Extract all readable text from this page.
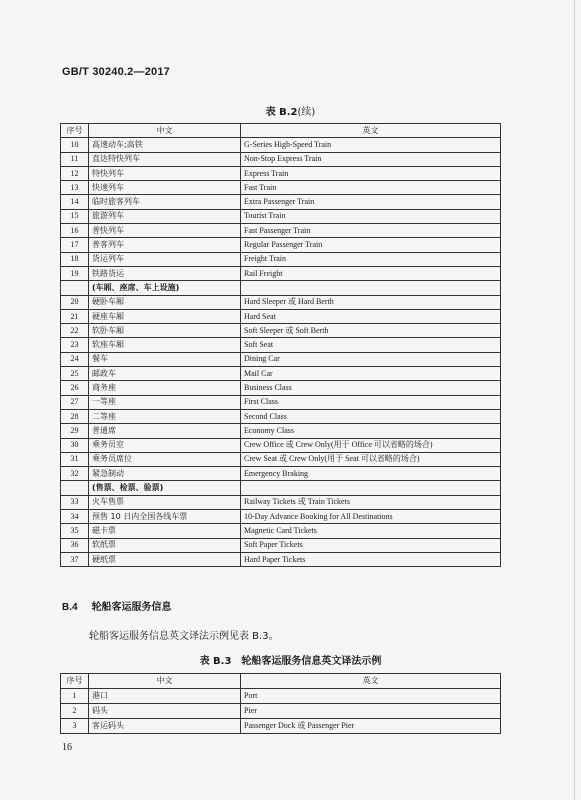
GB/T 30240.2—2017
表 B.2(续)
序号	中文	英文
10	高速动车;高铁	G-Series High-Speed Train
11	直达特快列车	Non-Stop Express Train
12	特快列车	Express Train
13	快速列车	Fast Train
14	临时旅客列车	Extra Passenger Train
15	旅游列车	Tourist Train
16	普快列车	Fast Passenger Train
17	普客列车	Regular Passenger Train
18	货运列车	Freight Train
19	铁路货运	Rail Freight
	(车厢、座席、车上设施)	
20	硬卧车厢	Hard Sleeper 或 Hard Berth
21	硬座车厢	Hard Seat
22	软卧车厢	Soft Sleeper 或 Soft Berth
23	软座车厢	Soft Seat
24	餐车	Dining Car
25	邮政车	Mail Car
26	商务座	Business Class
27	一等座	First Class
28	二等座	Second Class
29	普通席	Economy Class
30	乘务员室	Crew Office 或 Crew Only(用于 Office 可以省略的场合)
31	乘务员席位	Crew Seat 或 Crew Only(用于 Seat 可以省略的场合)
32	紧急制动	Emergency Braking
	(售票、检票、验票)	
33	火车售票	Railway Tickets 或 Train Tickets
34	预售 10 日内全国各线车票	10-Day Advance Booking for All Destinations
35	磁卡票	Magnetic Card Tickets
36	软纸票	Soft Paper Tickets
37	硬纸票	Hard Paper Tickets
B.4 轮船客运服务信息
轮船客运服务信息英文译法示例见表 B.3。
表 B.3　轮船客运服务信息英文译法示例
序号	中文	英文
1	港口	Port
2	码头	Pier
3	客运码头	Passenger Dock 或 Passenger Pier
16
